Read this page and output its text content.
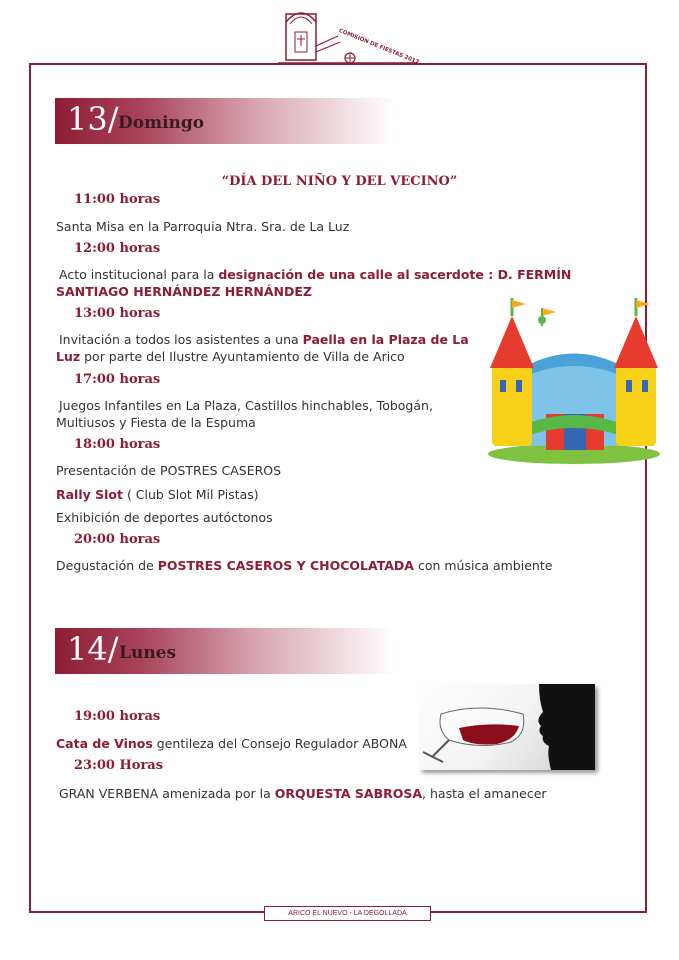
COMISIÓN DE FIESTAS 2017
13/ Domingo
“DÍA DEL NIÑO Y DEL VECINO”
11:00 horas
Santa Misa en la Parroquia Ntra. Sra. de La Luz
12:00 horas
Acto institucional para la designación de una calle al sacerdote : D. FERMÍN
SANTIAGO HERNÁNDEZ HERNÁNDEZ
13:00 horas
Invitación a todos los asistentes a una Paella en la Plaza de La
Luz por parte del Ilustre Ayuntamiento de Villa de Arico
17:00 horas
Juegos Infantiles en La Plaza, Castillos hinchables, Tobogán,
Multiusos y Fiesta de la Espuma
18:00 horas
Presentación de POSTRES CASEROS
Rally Slot ( Club Slot Mil Pistas)
Exhibición de deportes autóctonos
20:00 horas
Degustación de POSTRES CASEROS Y CHOCOLATADA con música ambiente
14/ Lunes
19:00 horas
Cata de Vinos gentileza del Consejo Regulador ABONA
23:00 Horas
GRAN VERBENA amenizada por la ORQUESTA SABROSA, hasta el amanecer
ARICO EL NUEVO - LA DEGOLLADA
